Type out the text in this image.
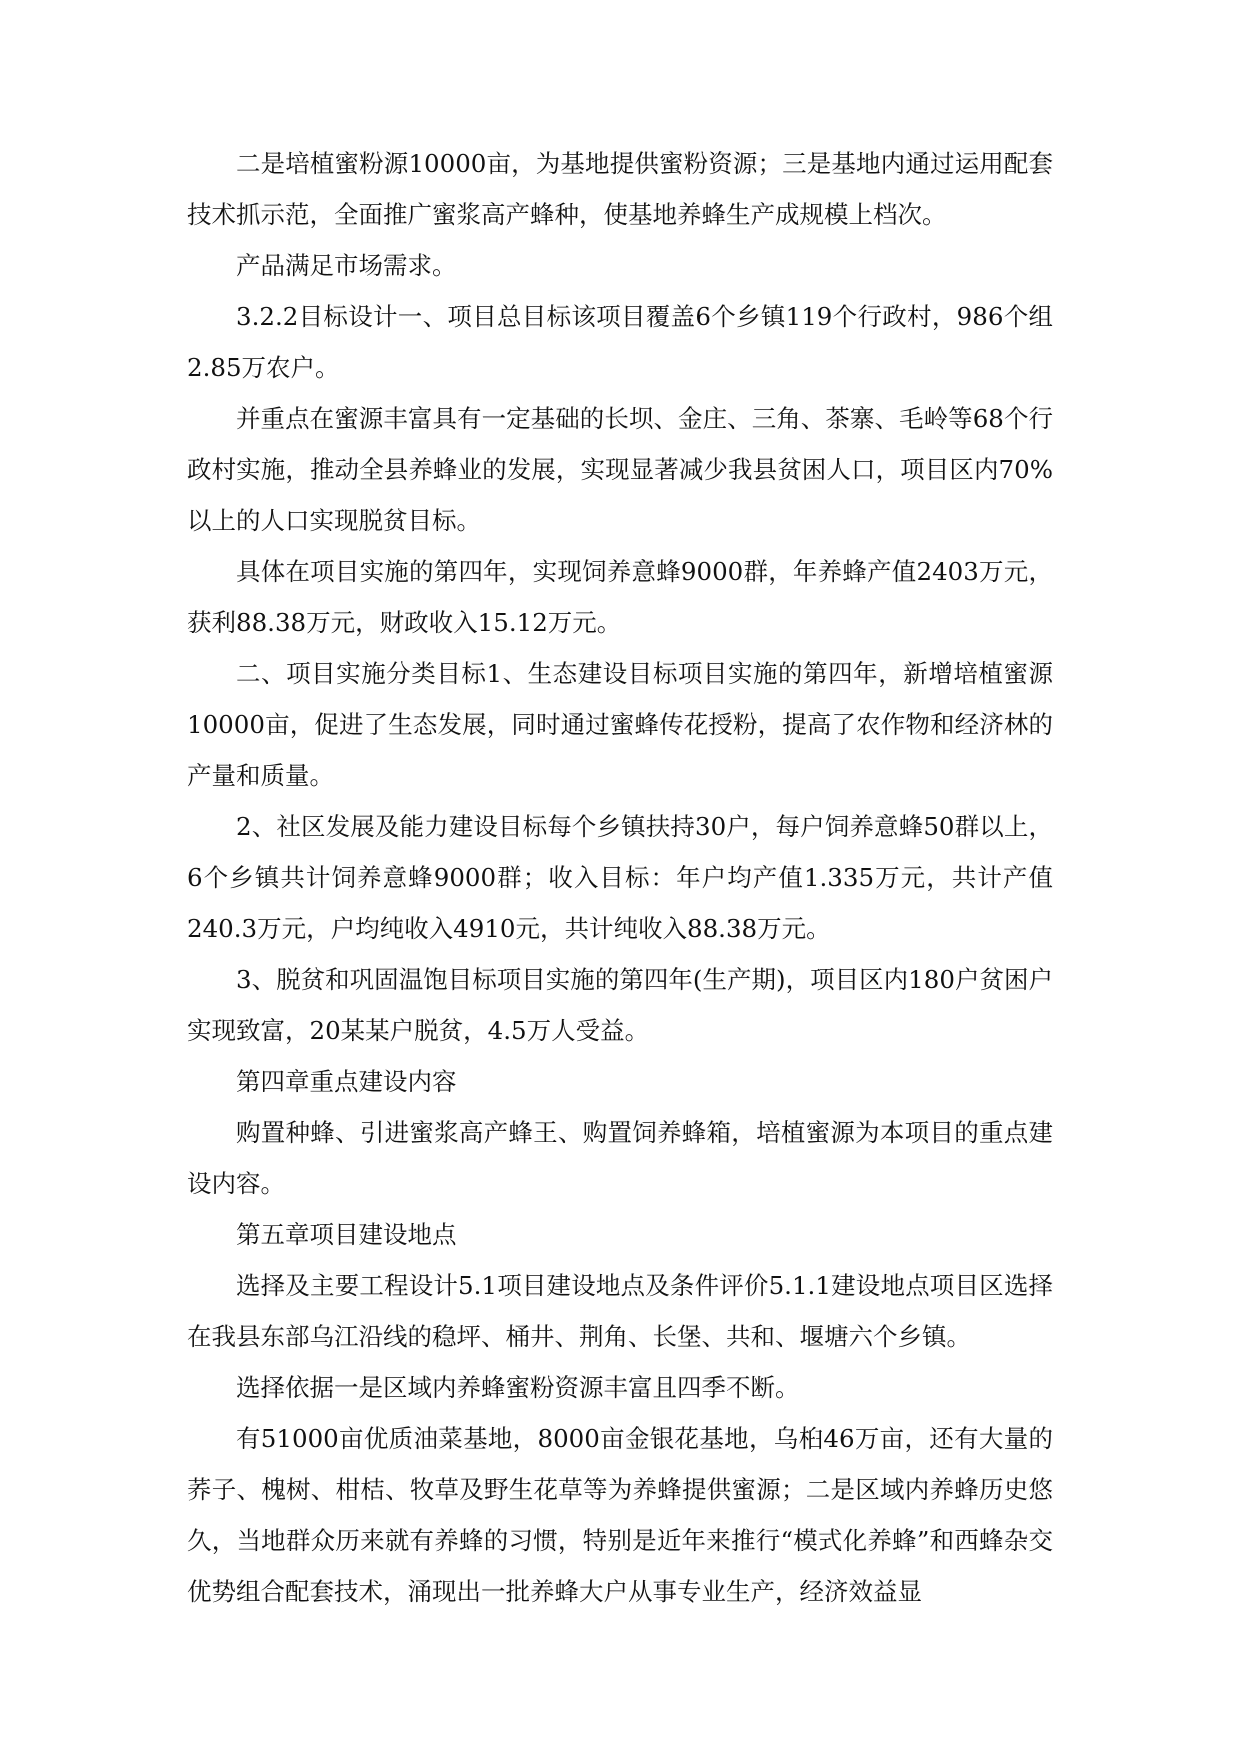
二是培植蜜粉源10000亩，为基地提供蜜粉资源；三是基地内通过运用配套技术抓示范，全面推广蜜浆高产蜂种，使基地养蜂生产成规模上档次。

产品满足市场需求。

3.2.2目标设计一、项目总目标该项目覆盖6个乡镇119个行政村，986个组2.85万农户。

并重点在蜜源丰富具有一定基础的长坝、金庄、三角、茶寨、毛岭等68个行政村实施，推动全县养蜂业的发展，实现显著减少我县贫困人口，项目区内70%以上的人口实现脱贫目标。

具体在项目实施的第四年，实现饲养意蜂9000群，年养蜂产值2403万元，获利88.38万元，财政收入15.12万元。

二、项目实施分类目标1、生态建设目标项目实施的第四年，新增培植蜜源10000亩，促进了生态发展，同时通过蜜蜂传花授粉，提高了农作物和经济林的产量和质量。

2、社区发展及能力建设目标每个乡镇扶持30户，每户饲养意蜂50群以上，6个乡镇共计饲养意蜂9000群；收入目标：年户均产值1.335万元，共计产值240.3万元，户均纯收入4910元，共计纯收入88.38万元。

3、脱贫和巩固温饱目标项目实施的第四年(生产期)，项目区内180户贫困户实现致富，20某某户脱贫，4.5万人受益。

第四章重点建设内容

购置种蜂、引进蜜浆高产蜂王、购置饲养蜂箱，培植蜜源为本项目的重点建设内容。

第五章项目建设地点

选择及主要工程设计5.1项目建设地点及条件评价5.1.1建设地点项目区选择在我县东部乌江沿线的稳坪、桶井、荆角、长堡、共和、堰塘六个乡镇。

选择依据一是区域内养蜂蜜粉资源丰富且四季不断。

有51000亩优质油菜基地，8000亩金银花基地，乌桕46万亩，还有大量的荞子、槐树、柑桔、牧草及野生花草等为养蜂提供蜜源；二是区域内养蜂历史悠久，当地群众历来就有养蜂的习惯，特别是近年来推行“模式化养蜂”和西蜂杂交优势组合配套技术，涌现出一批养蜂大户从事专业生产，经济效益显
